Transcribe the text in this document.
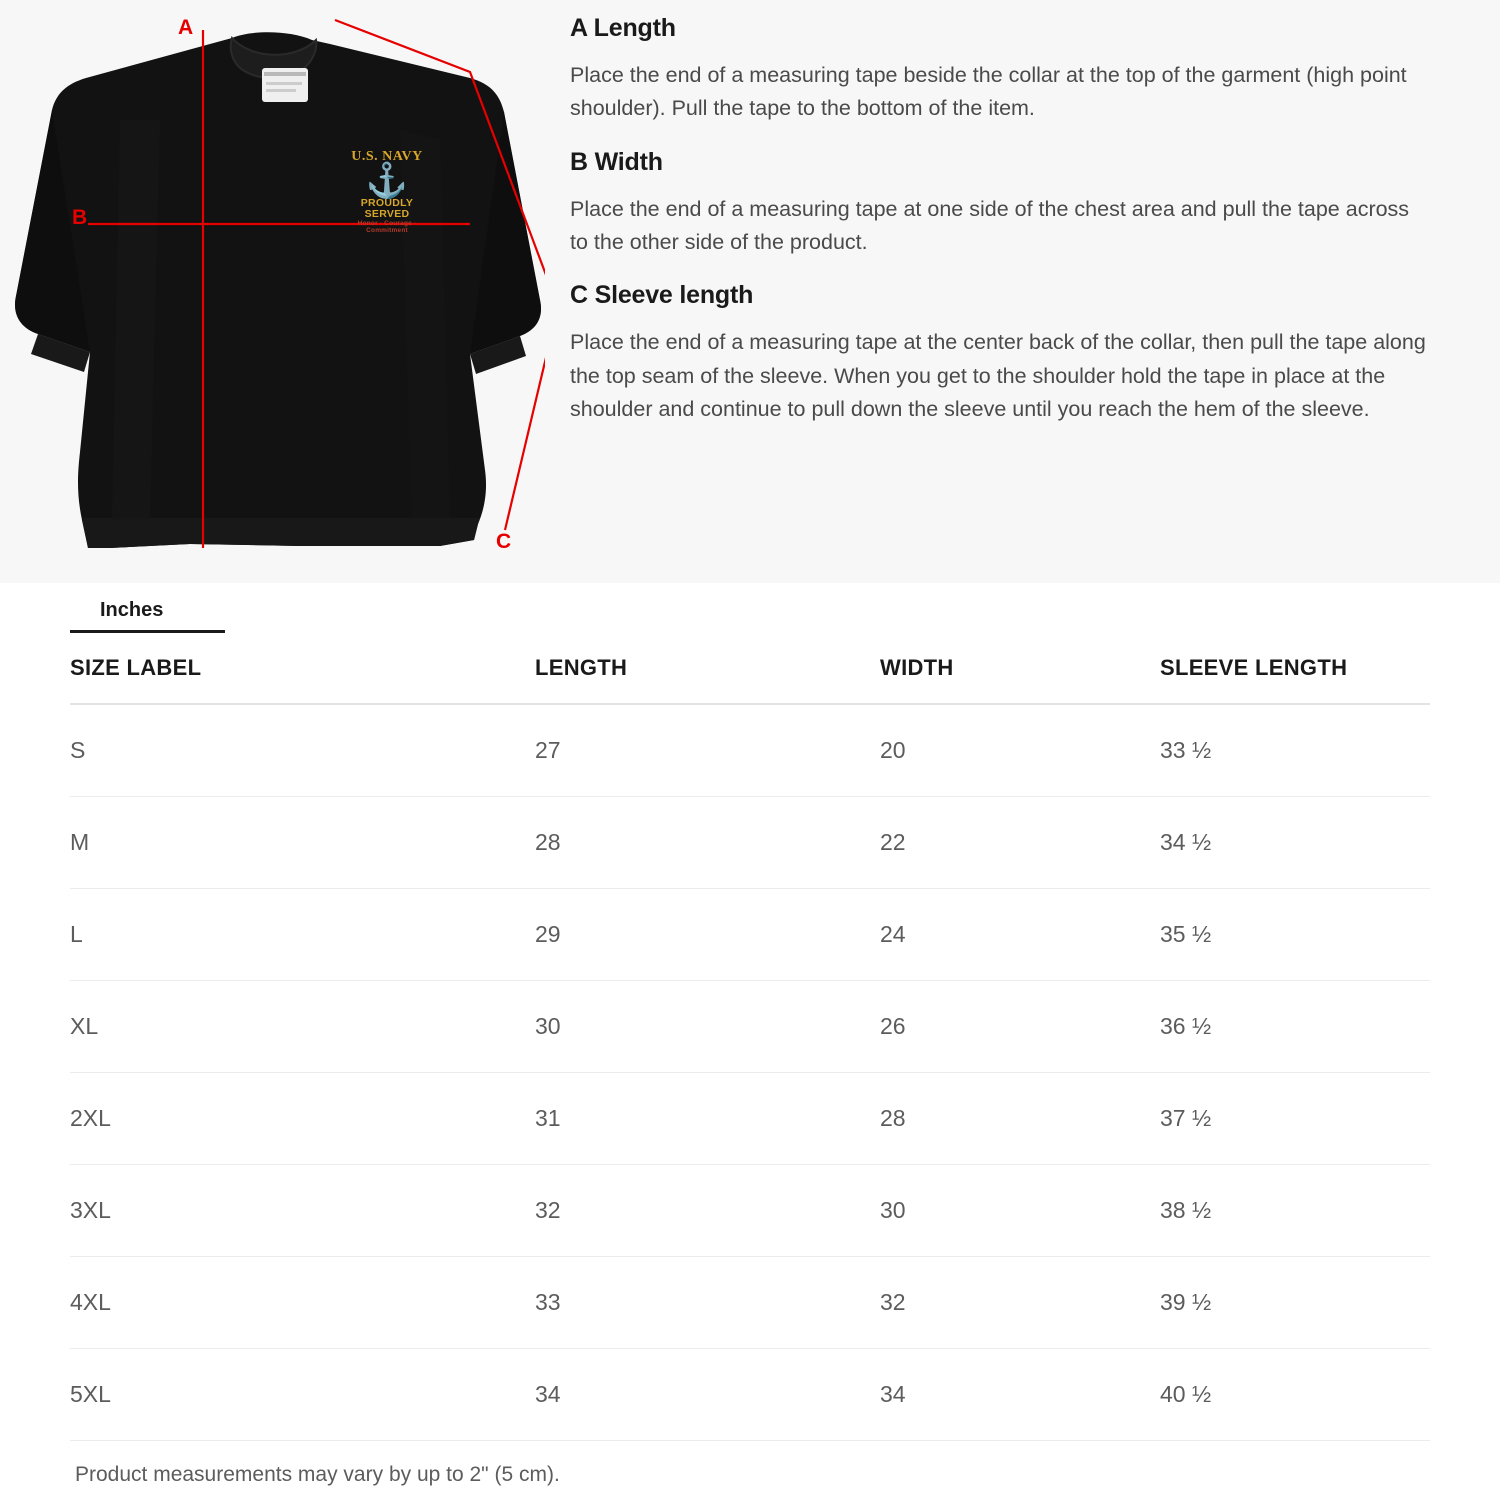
U.S. NAVY
⚓
PROUDLY SERVED
Honor · Courage · Commitment
A
B
C
A Length

Place the end of a measuring tape beside the collar at the top of the garment (high point shoulder). Pull the tape to the bottom of the item.

B Width

Place the end of a measuring tape at one side of the chest area and pull the tape across to the other side of the product.

C Sleeve length

Place the end of a measuring tape at the center back of the collar, then pull the tape along the top seam of the sleeve. When you get to the shoulder hold the tape in place at the shoulder and continue to pull down the sleeve until you reach the hem of the sleeve.

Inches
SIZE LABEL	LENGTH	WIDTH	SLEEVE LENGTH
S	27	20	33 ½
M	28	22	34 ½
L	29	24	35 ½
XL	30	26	36 ½
2XL	31	28	37 ½
3XL	32	30	38 ½
4XL	33	32	39 ½
5XL	34	34	40 ½
Product measurements may vary by up to 2" (5 cm).
